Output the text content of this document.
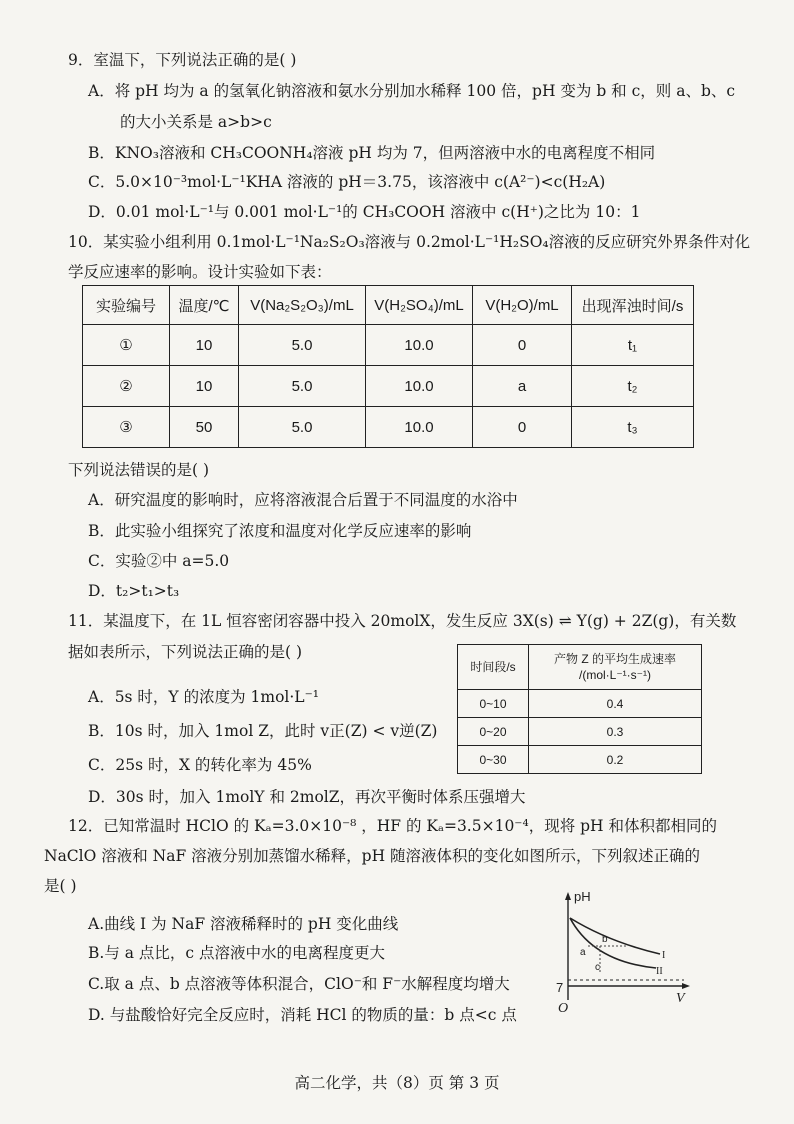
9．室温下，下列说法正确的是( )
A．将 pH 均为 a 的氢氧化钠溶液和氨水分别加水稀释 100 倍，pH 变为 b 和 c，则 a、b、c
的大小关系是 a>b>c
B．KNO₃溶液和 CH₃COONH₄溶液 pH 均为 7，但两溶液中水的电离程度不相同
C．5.0×10⁻³mol·L⁻¹KHA 溶液的 pH＝3.75，该溶液中 c(A²⁻)<c(H₂A)
D．0.01 mol·L⁻¹与 0.001 mol·L⁻¹的 CH₃COOH 溶液中 c(H⁺)之比为 10：1
10．某实验小组利用 0.1mol·L⁻¹Na₂S₂O₃溶液与 0.2mol·L⁻¹H₂SO₄溶液的反应研究外界条件对化
学反应速率的影响。设计实验如下表：
实验编号	温度/℃	V(Na₂S₂O₃)/mL	V(H₂SO₄)/mL	V(H₂O)/mL	出现浑浊时间/s
①	10	5.0	10.0	0	t₁
②	10	5.0	10.0	a	t₂
③	50	5.0	10.0	0	t₃
下列说法错误的是( )
A．研究温度的影响时，应将溶液混合后置于不同温度的水浴中
B．此实验小组探究了浓度和温度对化学反应速率的影响
C．实验②中 a=5.0
D．t₂>t₁>t₃
11．某温度下，在 1L 恒容密闭容器中投入 20molX，发生反应 3X(s) ⇌ Y(g) + 2Z(g)，有关数
据如表所示，下列说法正确的是( )
时间段/s	产物 Z 的平均生成速率
/(mol·L⁻¹·s⁻¹)

0~10	0.4
0~20	0.3
0~30	0.2
A．5s 时，Y 的浓度为 1mol·L⁻¹
B．10s 时，加入 1mol Z，此时 v正(Z) < v逆(Z)
C．25s 时，X 的转化率为 45%
D．30s 时，加入 1molY 和 2molZ，再次平衡时体系压强增大
12．已知常温时 HClO 的 Kₐ=3.0×10⁻⁸ ，HF 的 Kₐ=3.5×10⁻⁴，现将 pH 和体积都相同的
NaClO 溶液和 NaF 溶液分别加蒸馏水稀释，pH 随溶液体积的变化如图所示，下列叙述正确的
是( )
A.曲线 I 为 NaF 溶液稀释时的 pH 变化曲线
B.与 a 点比，c 点溶液中水的电离程度更大
C.取 a 点、b 点溶液等体积混合，ClO⁻和 F⁻水解程度均增大
D. 与盐酸恰好完全反应时，消耗 HCl 的物质的量：b 点<c 点
pH
V
O
7
I
II
a
b
c
高二化学，共（8）页 第 3 页
